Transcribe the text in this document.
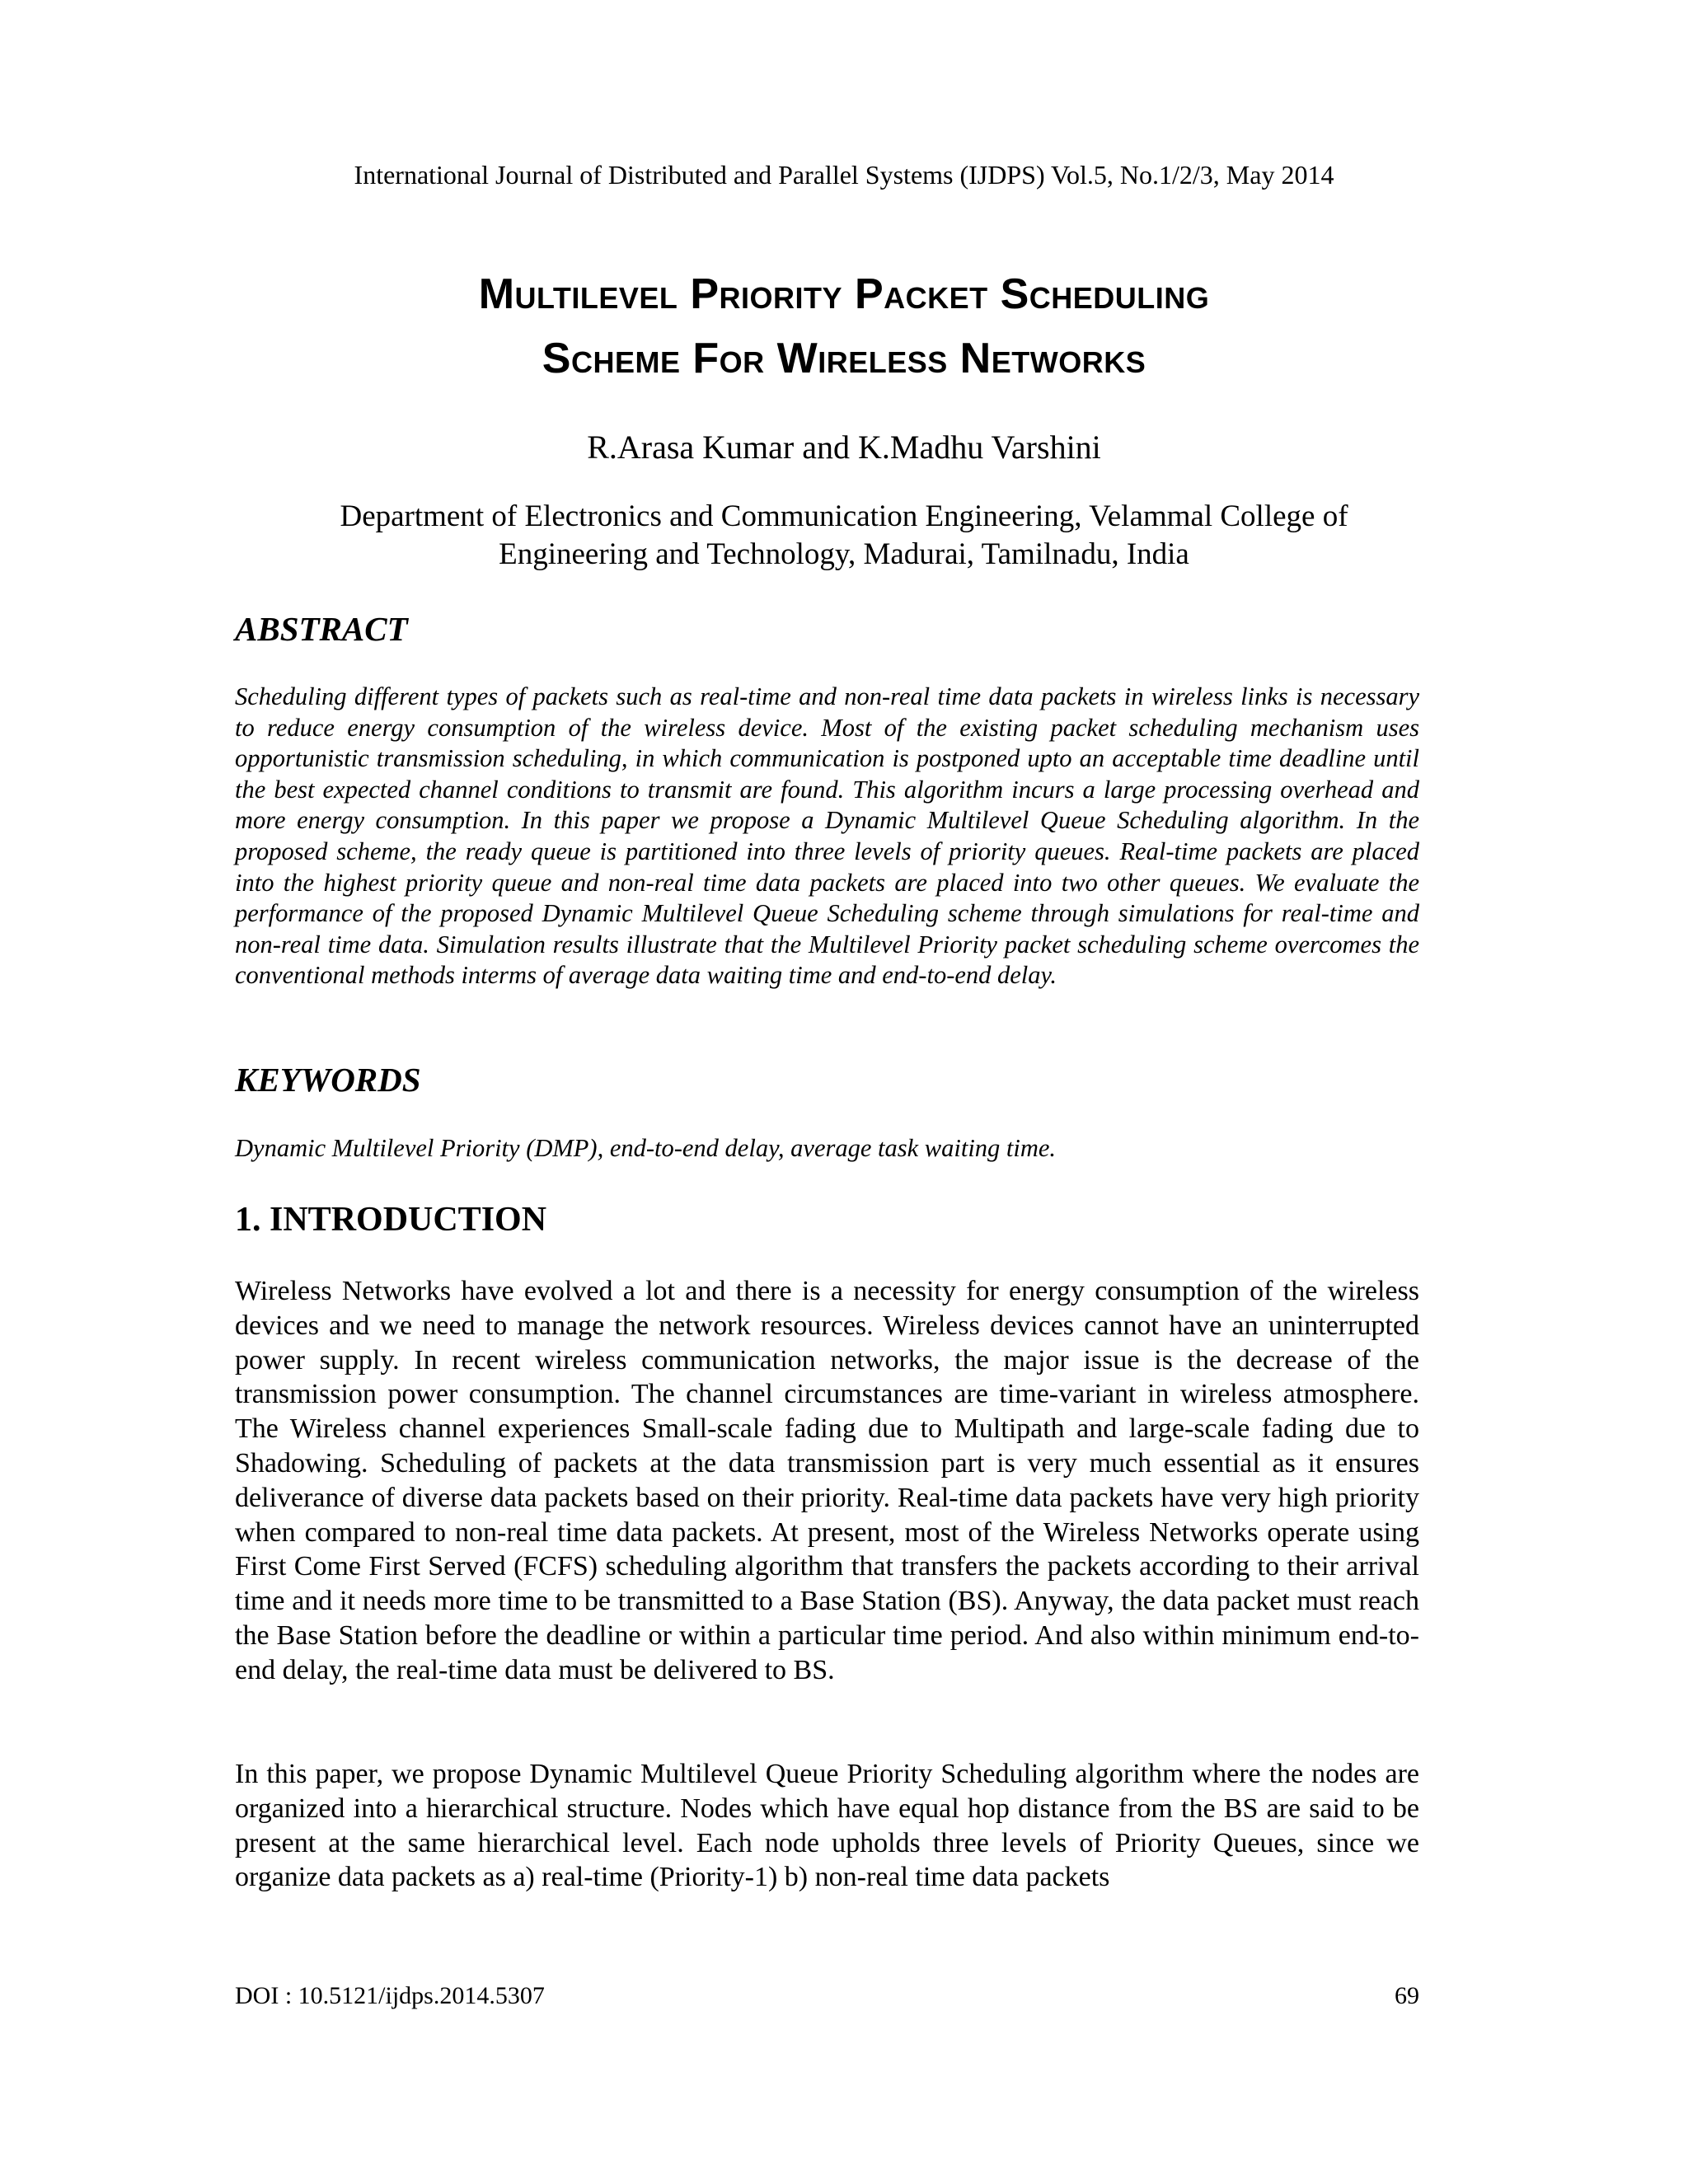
International Journal of Distributed and Parallel Systems (IJDPS) Vol.5, No.1/2/3, May 2014
Multilevel Priority Packet Scheduling
Scheme For Wireless Networks
R.Arasa Kumar and K.Madhu Varshini
Department of Electronics and Communication Engineering, Velammal College of
Engineering and Technology, Madurai, Tamilnadu, India
ABSTRACT
Scheduling different types of packets such as real-time and non-real time data packets in wireless links is necessary to reduce energy consumption of the wireless device. Most of the existing packet scheduling mechanism uses opportunistic transmission scheduling, in which communication is postponed upto an acceptable time deadline until the best expected channel conditions to transmit are found. This algorithm incurs a large processing overhead and more energy consumption. In this paper we propose a Dynamic Multilevel Queue Scheduling algorithm. In the proposed scheme, the ready queue is partitioned into three levels of priority queues. Real-time packets are placed into the highest priority queue and non-real time data packets are placed into two other queues. We evaluate the performance of the proposed Dynamic Multilevel Queue Scheduling scheme through simulations for real-time and non-real time data. Simulation results illustrate that the Multilevel Priority packet scheduling scheme overcomes the conventional methods interms of average data waiting time and end-to-end delay.
KEYWORDS
Dynamic Multilevel Priority (DMP), end-to-end delay, average task waiting time.
1. INTRODUCTION
Wireless Networks have evolved a lot and there is a necessity for energy consumption of the wireless devices and we need to manage the network resources. Wireless devices cannot have an uninterrupted power supply. In recent wireless communication networks, the major issue is the decrease of the transmission power consumption. The channel circumstances are time-variant in wireless atmosphere. The Wireless channel experiences Small-scale fading due to Multipath and large-scale fading due to Shadowing. Scheduling of packets at the data transmission part is very much essential as it ensures deliverance of diverse data packets based on their priority. Real-time data packets have very high priority when compared to non-real time data packets. At present, most of the Wireless Networks operate using First Come First Served (FCFS) scheduling algorithm that transfers the packets according to their arrival time and it needs more time to be transmitted to a Base Station (BS). Anyway, the data packet must reach the Base Station before the deadline or within a particular time period. And also within minimum end-to-end delay, the real-time data must be delivered to BS.
In this paper, we propose Dynamic Multilevel Queue Priority Scheduling algorithm where the nodes are organized into a hierarchical structure. Nodes which have equal hop distance from the BS are said to be present at the same hierarchical level. Each node upholds three levels of Priority Queues, since we organize data packets as a) real-time (Priority-1) b) non-real time data packets
DOI : 10.5121/ijdps.2014.5307	69
